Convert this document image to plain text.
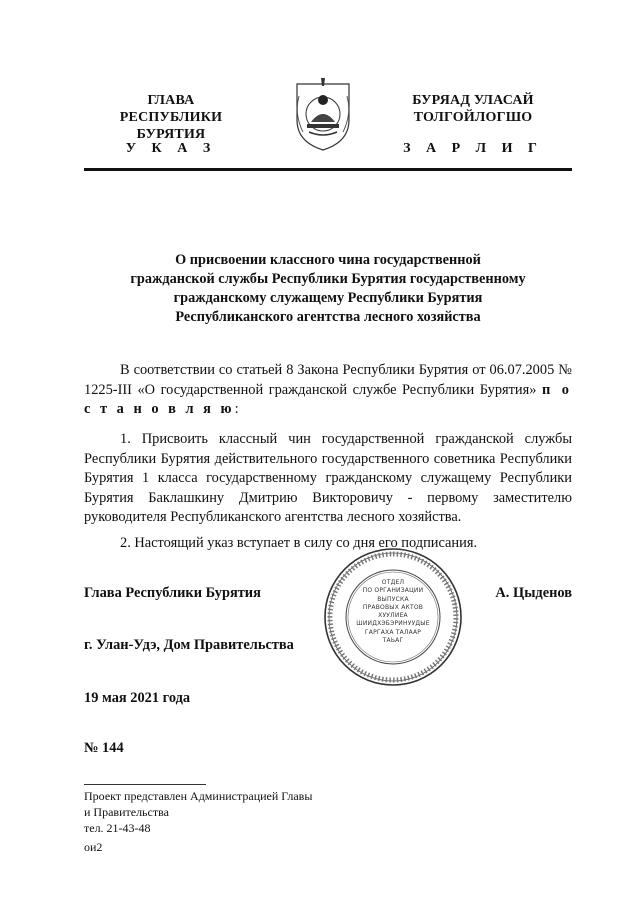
ГЛАВА
РЕСПУБЛИКИ БУРЯТИЯ
У К А З
БУРЯАД УЛАСАЙ
ТОЛГОЙЛОГШО
З А Р Л И Г
О присвоении классного чина государственной
гражданской службы Республики Бурятия государственному
гражданскому служащему Республики Бурятия
Республиканского агентства лесного хозяйства
В соответствии со статьей 8 Закона Республики Бурятия от 06.07.2005 № 1225-III «О государственной гражданской службе Республики Бурятия» п о с т а н о в л я ю:
1. Присвоить классный чин государственной гражданской службы Республики Бурятия действительного государственного советника Республики Бурятия 1 класса государственному гражданскому служащему Республики Бурятия Баклашкину Дмитрию Викторовичу - первому заместителю руководителя Республиканского агентства лесного хозяйства.
2. Настоящий указ вступает в силу со дня его подписания.
Глава Республики Бурятия	А. Цыденов
ОТДЕЛ
ПО ОРГАНИЗАЦИИ
ВЫПУСКА
ПРАВОВЫХ АКТОВ
ХУУЛИЕА
ШИИДХЭБЭРИНУУДЫЕ
ГАРГАХА ТАЛААР
ТАЬАГ
г. Улан-Удэ, Дом Правительства
19 мая 2021 года
№ 144
Проект представлен Администрацией Главы
и Правительства
тел. 21-43-48
ои2
